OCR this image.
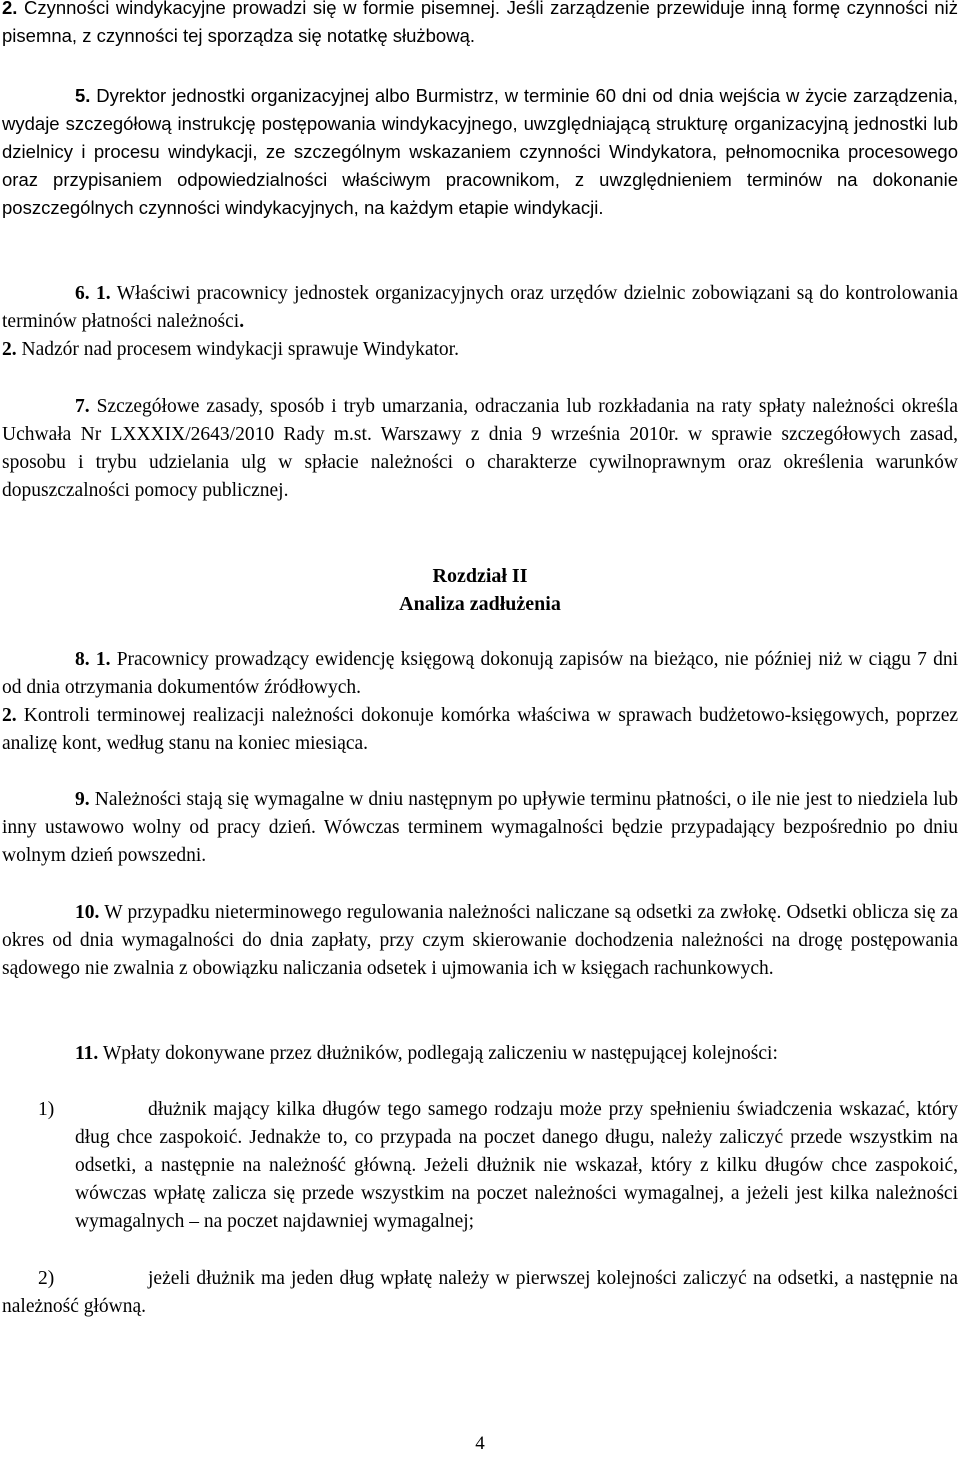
2. Czynności windykacyjne prowadzi się w formie pisemnej. Jeśli zarządzenie przewiduje inną formę czynności niż pisemna, z czynności tej sporządza się notatkę służbową.

5. Dyrektor jednostki organizacyjnej albo Burmistrz, w terminie 60 dni od dnia wejścia w życie zarządzenia, wydaje szczegółową instrukcję postępowania windykacyjnego, uwzględniającą strukturę organizacyjną jednostki lub dzielnicy i procesu windykacji, ze szczególnym wskazaniem czynności Windykatora, pełnomocnika procesowego oraz przypisaniem odpowiedzialności właściwym pracownikom, z uwzględnieniem terminów na dokonanie poszczególnych czynności windykacyjnych, na każdym etapie windykacji.

6. 1. Właściwi pracownicy jednostek organizacyjnych oraz urzędów dzielnic zobowiązani są do kontrolowania terminów płatności należności.
2. Nadzór nad procesem windykacji sprawuje Windykator.

7. Szczegółowe zasady, sposób i tryb umarzania, odraczania lub rozkładania na raty spłaty należności określa Uchwała Nr LXXXIX/2643/2010 Rady m.st. Warszawy z dnia 9 września 2010r. w sprawie szczegółowych zasad, sposobu i trybu udzielania ulg w spłacie należności o charakterze cywilnoprawnym oraz określenia warunków dopuszczalności pomocy publicznej.

Rozdział II
Analiza zadłużenia

8. 1. Pracownicy prowadzący ewidencję księgową dokonują zapisów na bieżąco, nie później niż w ciągu 7 dni od dnia otrzymania dokumentów źródłowych.
2. Kontroli terminowej realizacji należności dokonuje komórka właściwa w sprawach budżetowo-księgowych, poprzez analizę kont, według stanu na koniec miesiąca.

9. Należności stają się wymagalne w dniu następnym po upływie terminu płatności, o ile nie jest to niedziela lub inny ustawowo wolny od pracy dzień. Wówczas terminem wymagalności będzie przypadający bezpośrednio po dniu wolnym dzień powszedni.

10. W przypadku nieterminowego regulowania należności naliczane są odsetki za zwłokę. Odsetki oblicza się za okres od dnia wymagalności do dnia zapłaty, przy czym skierowanie dochodzenia należności na drogę postępowania sądowego nie zwalnia z obowiązku naliczania odsetek i ujmowania ich w księgach rachunkowych.

11. Wpłaty dokonywane przez dłużników, podlegają zaliczeniu w następującej kolejności:

1)	dłużnik mający kilka długów tego samego rodzaju może przy spełnieniu świadczenia wskazać, który dług chce zaspokoić. Jednakże to, co przypada na poczet danego długu, należy zaliczyć przede wszystkim na odsetki, a następnie na należność główną. Jeżeli dłużnik nie wskazał, który z kilku długów chce zaspokoić, wówczas wpłatę zalicza się przede wszystkim na poczet należności wymagalnej, a jeżeli jest kilka należności wymagalnych – na poczet najdawniej wymagalnej;
2)	jeżeli dłużnik ma jeden dług wpłatę należy w pierwszej kolejności zaliczyć na odsetki, a następnie na należność główną.
4
